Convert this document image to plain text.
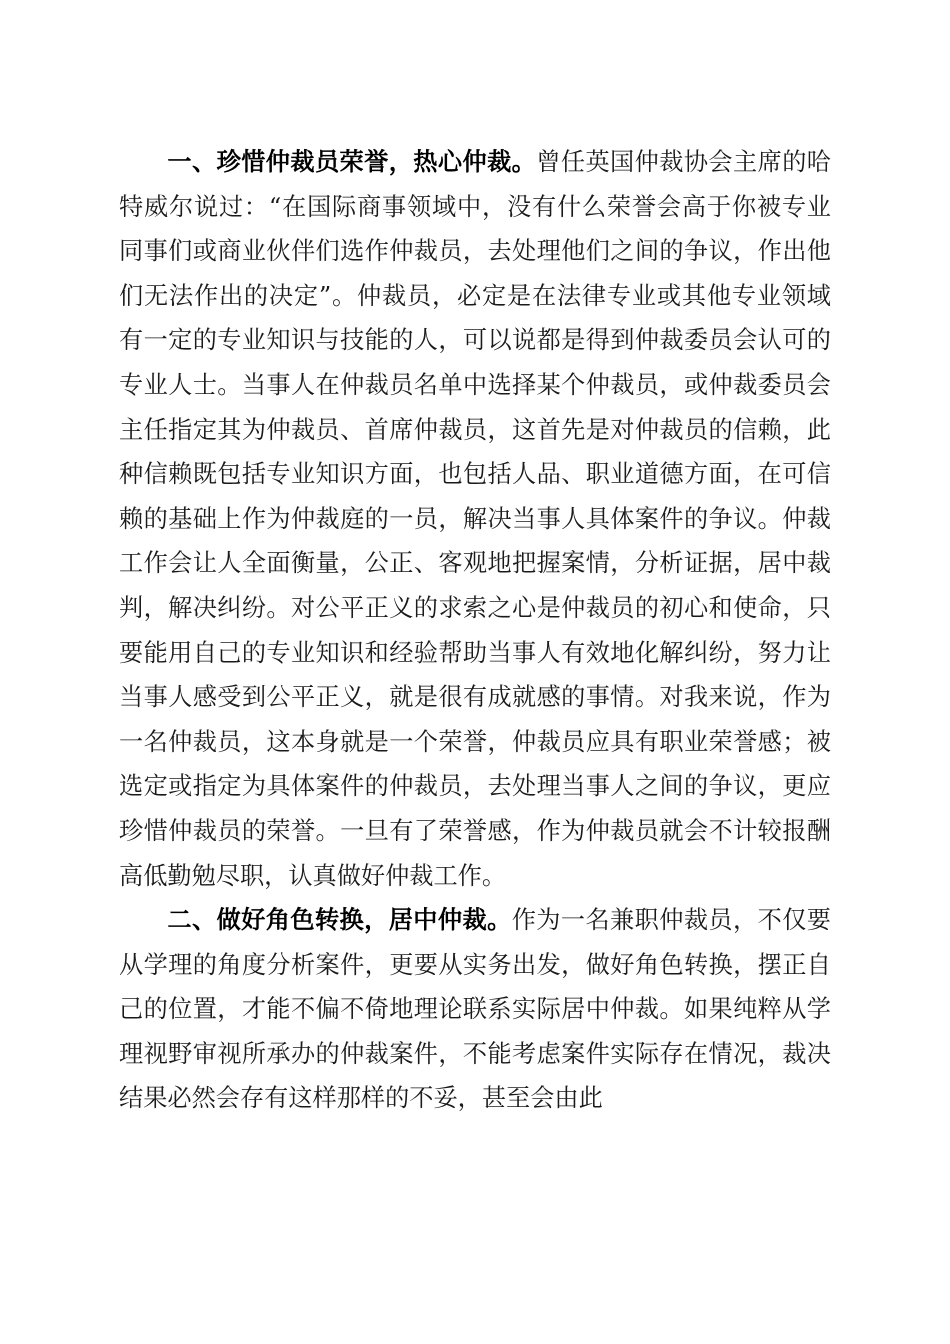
一、珍惜仲裁员荣誉，热心仲裁。曾任英国仲裁协会主席的哈特威尔说过：“在国际商事领域中，没有什么荣誉会高于你被专业同事们或商业伙伴们选作仲裁员，去处理他们之间的争议，作出他们无法作出的决定”。仲裁员，必定是在法律专业或其他专业领域有一定的专业知识与技能的人，可以说都是得到仲裁委员会认可的专业人士。当事人在仲裁员名单中选择某个仲裁员，或仲裁委员会主任指定其为仲裁员、首席仲裁员，这首先是对仲裁员的信赖，此种信赖既包括专业知识方面，也包括人品、职业道德方面，在可信赖的基础上作为仲裁庭的一员，解决当事人具体案件的争议。仲裁工作会让人全面衡量，公正、客观地把握案情，分析证据，居中裁判，解决纠纷。对公平正义的求索之心是仲裁员的初心和使命，只要能用自己的专业知识和经验帮助当事人有效地化解纠纷，努力让当事人感受到公平正义，就是很有成就感的事情。对我来说，作为一名仲裁员，这本身就是一个荣誉，仲裁员应具有职业荣誉感；被选定或指定为具体案件的仲裁员，去处理当事人之间的争议，更应珍惜仲裁员的荣誉。一旦有了荣誉感，作为仲裁员就会不计较报酬高低勤勉尽职，认真做好仲裁工作。

二、做好角色转换，居中仲裁。作为一名兼职仲裁员，不仅要从学理的角度分析案件，更要从实务出发，做好角色转换，摆正自己的位置，才能不偏不倚地理论联系实际居中仲裁。如果纯粹从学理视野审视所承办的仲裁案件，不能考虑案件实际存在情况，裁决结果必然会存有这样那样的不妥，甚至会由此
